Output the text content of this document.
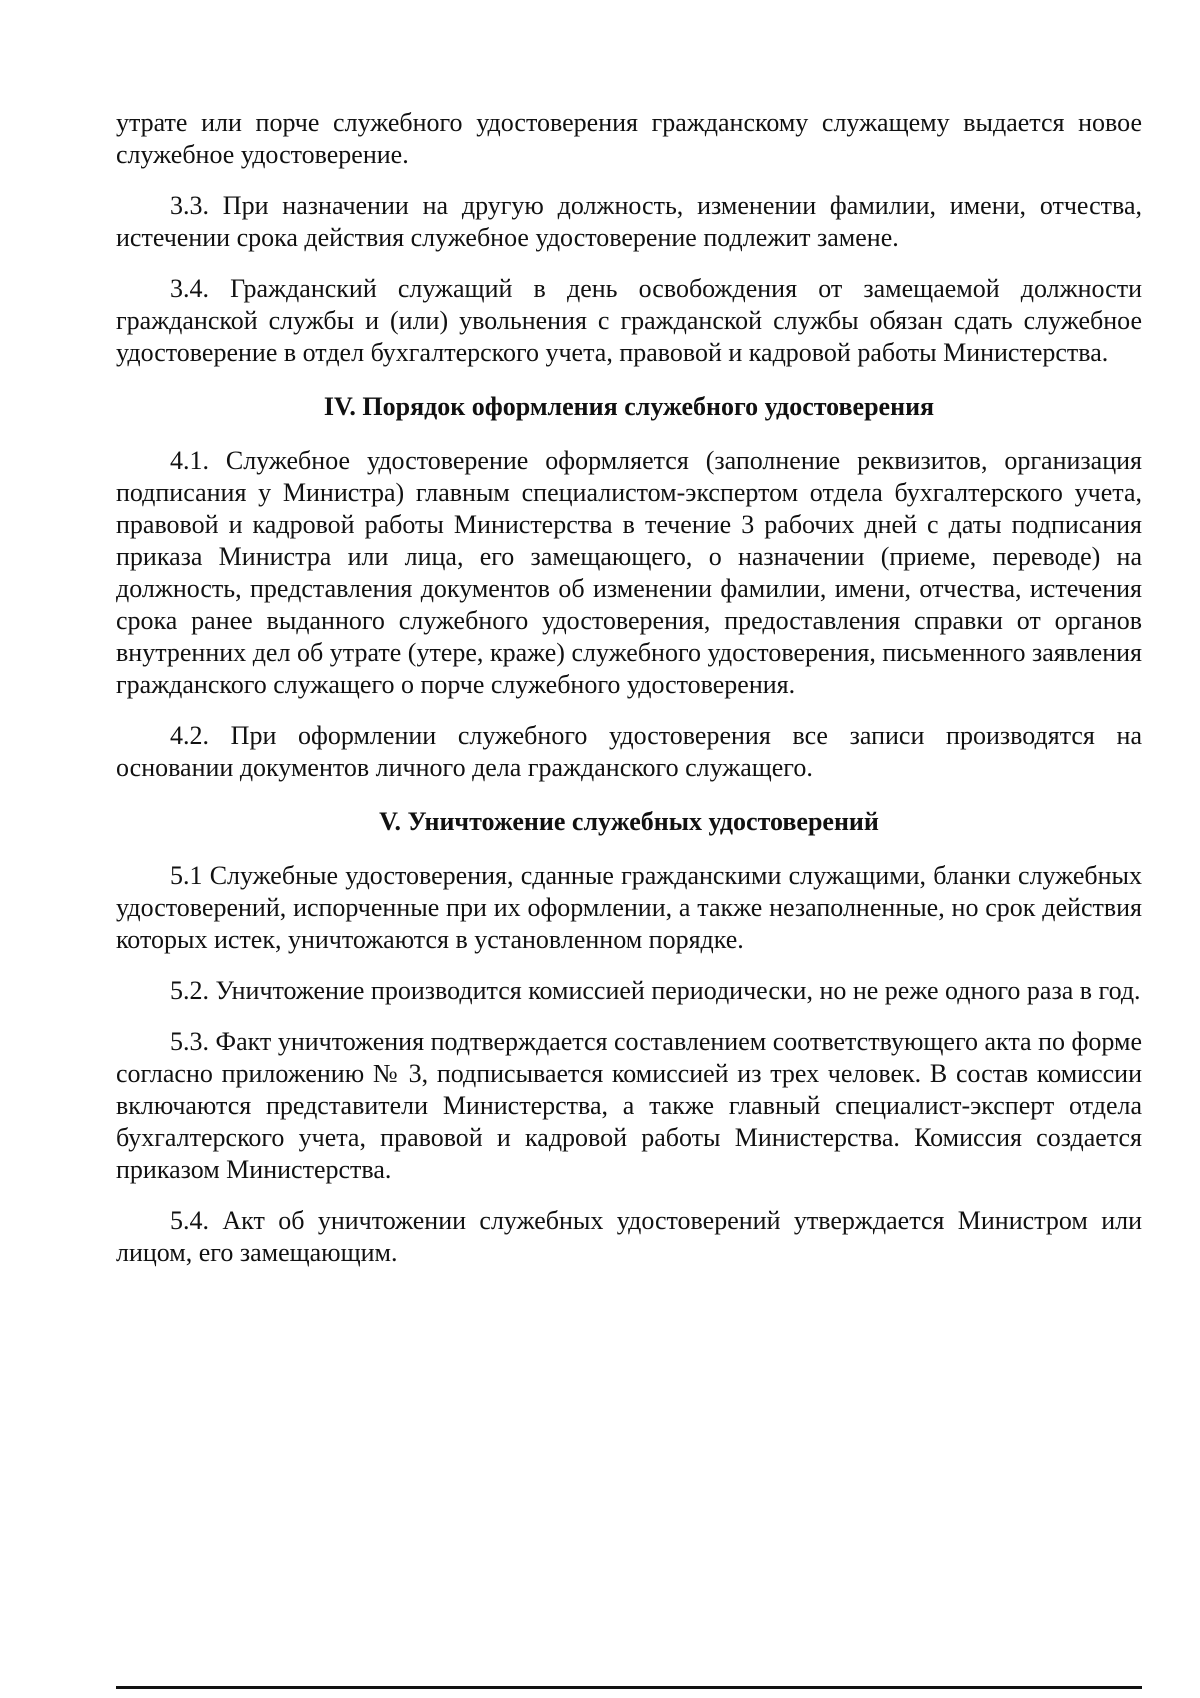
утрате или порче служебного удостоверения гражданскому служащему выдается новое служебное удостоверение.

3.3. При назначении на другую должность, изменении фамилии, имени, отчества, истечении срока действия служебное удостоверение подлежит замене.

3.4. Гражданский служащий в день освобождения от замещаемой должности гражданской службы и (или) увольнения с гражданской службы обязан сдать служебное удостоверение в отдел бухгалтерского учета, правовой и кадровой работы Министерства.

IV. Порядок оформления служебного удостоверения

4.1. Служебное удостоверение оформляется (заполнение реквизитов, организация подписания у Министра) главным специалистом-экспертом отдела бухгалтерского учета, правовой и кадровой работы Министерства в течение 3 рабочих дней с даты подписания приказа Министра или лица, его замещающего, о назначении (приеме, переводе) на должность, представления документов об изменении фамилии, имени, отчества, истечения срока ранее выданного служебного удостоверения, предоставления справки от органов внутренних дел об утрате (утере, краже) служебного удостоверения, письменного заявления гражданского служащего о порче служебного удостоверения.

4.2. При оформлении служебного удостоверения все записи производятся на основании документов личного дела гражданского служащего.

V. Уничтожение служебных удостоверений

5.1 Служебные удостоверения, сданные гражданскими служащими, бланки служебных удостоверений, испорченные при их оформлении, а также незаполненные, но срок действия которых истек, уничтожаются в установленном порядке.

5.2. Уничтожение производится комиссией периодически, но не реже одного раза в год.

5.3. Факт уничтожения подтверждается составлением соответствующего акта по форме согласно приложению № 3, подписывается комиссией из трех человек. В состав комиссии включаются представители Министерства, а также главный специалист-эксперт отдела бухгалтерского учета, правовой и кадровой работы Министерства. Комиссия создается приказом Министерства.

5.4. Акт об уничтожении служебных удостоверений утверждается Министром или лицом, его замещающим.
